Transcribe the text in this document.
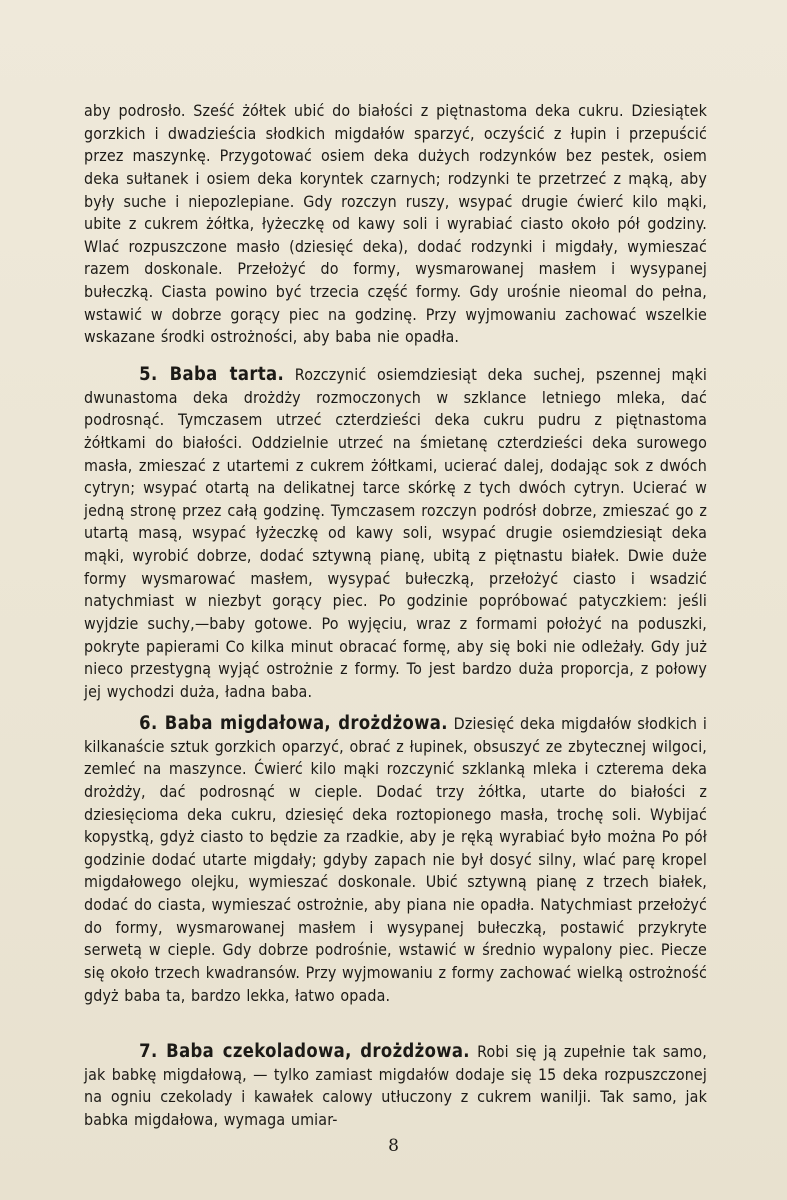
aby podrosło. Sześć żółtek ubić do białości z piętnastoma deka cukru. Dziesiątek gorzkich i dwadzieścia słodkich migdałów sparzyć, oczyścić z łupin i przepuścić przez maszynkę. Przygotować osiem deka dużych rodzynków bez pestek, osiem deka sułtanek i osiem deka koryntek czarnych; rodzynki te przetrzeć z mąką, aby były suche i niepozlepiane. Gdy rozczyn ruszy, wsypać drugie ćwierć kilo mąki, ubite z cukrem żółtka, łyżeczkę od kawy soli i wyrabiać ciasto około pół godziny. Wlać rozpuszczone masło (dziesięć deka), dodać rodzynki i migdały, wymieszać razem doskonale. Przełożyć do formy, wysmarowanej masłem i wysypanej bułeczką. Ciasta powino być trzecia część formy. Gdy urośnie nieomal do pełna, wstawić w dobrze gorący piec na godzinę. Przy wyjmowaniu zachować wszelkie wskazane środki ostrożności, aby baba nie opadła.

5. Baba tarta. Rozczynić osiemdziesiąt deka suchej, pszennej mąki dwunastoma deka drożdży rozmoczonych w szklance letniego mleka, dać podrosnąć. Tymczasem utrzeć czterdzieści deka cukru pudru z piętnastoma żółtkami do białości. Oddzielnie utrzeć na śmietanę czterdzieści deka surowego masła, zmieszać z utartemi z cukrem żółtkami, ucierać dalej, dodając sok z dwóch cytryn; wsypać otartą na delikatnej tarce skórkę z tych dwóch cytryn. Ucierać w jedną stronę przez całą godzinę. Tymczasem rozczyn podrósł dobrze, zmieszać go z utartą masą, wsypać łyżeczkę od kawy soli, wsypać drugie osiemdziesiąt deka mąki, wyrobić dobrze, dodać sztywną pianę, ubitą z piętnastu białek. Dwie duże formy wysmarować masłem, wysypać bułeczką, przełożyć ciasto i wsadzić natychmiast w niezbyt gorący piec. Po godzinie popróbować patyczkiem: jeśli wyjdzie suchy,—baby gotowe. Po wyjęciu, wraz z formami położyć na poduszki, pokryte papierami Co kilka minut obracać formę, aby się boki nie odleżały. Gdy już nieco przestygną wyjąć ostrożnie z formy. To jest bardzo duża proporcja, z połowy jej wychodzi duża, ładna baba.

6. Baba migdałowa, drożdżowa. Dziesięć deka migdałów słodkich i kilkanaście sztuk gorzkich oparzyć, obrać z łupinek, obsuszyć ze zbytecznej wilgoci, zemleć na maszynce. Ćwierć kilo mąki rozczynić szklanką mleka i czterema deka drożdży, dać podrosnąć w cieple. Dodać trzy żółtka, utarte do białości z dziesięcioma deka cukru, dziesięć deka roztopionego masła, trochę soli. Wybijać kopystką, gdyż ciasto to będzie za rzadkie, aby je ręką wyrabiać było można Po pół godzinie dodać utarte migdały; gdyby zapach nie był dosyć silny, wlać parę kropel migdałowego olejku, wymieszać doskonale. Ubić sztywną pianę z trzech białek, dodać do ciasta, wymieszać ostrożnie, aby piana nie opadła. Natychmiast przełożyć do formy, wysmarowanej masłem i wysypanej bułeczką, postawić przykryte serwetą w cieple. Gdy dobrze podrośnie, wstawić w średnio wypalony piec. Piecze się około trzech kwadransów. Przy wyjmowaniu z formy zachować wielką ostrożność gdyż baba ta, bardzo lekka, łatwo opada.

7. Baba czekoladowa, drożdżowa. Robi się ją zupełnie tak samo, jak babkę migdałową, — tylko zamiast migdałów dodaje się 15 deka rozpuszczonej na ogniu czekolady i kawałek calowy utłuczony z cukrem wanilji. Tak samo, jak babka migdałowa, wymaga umiar-

8
